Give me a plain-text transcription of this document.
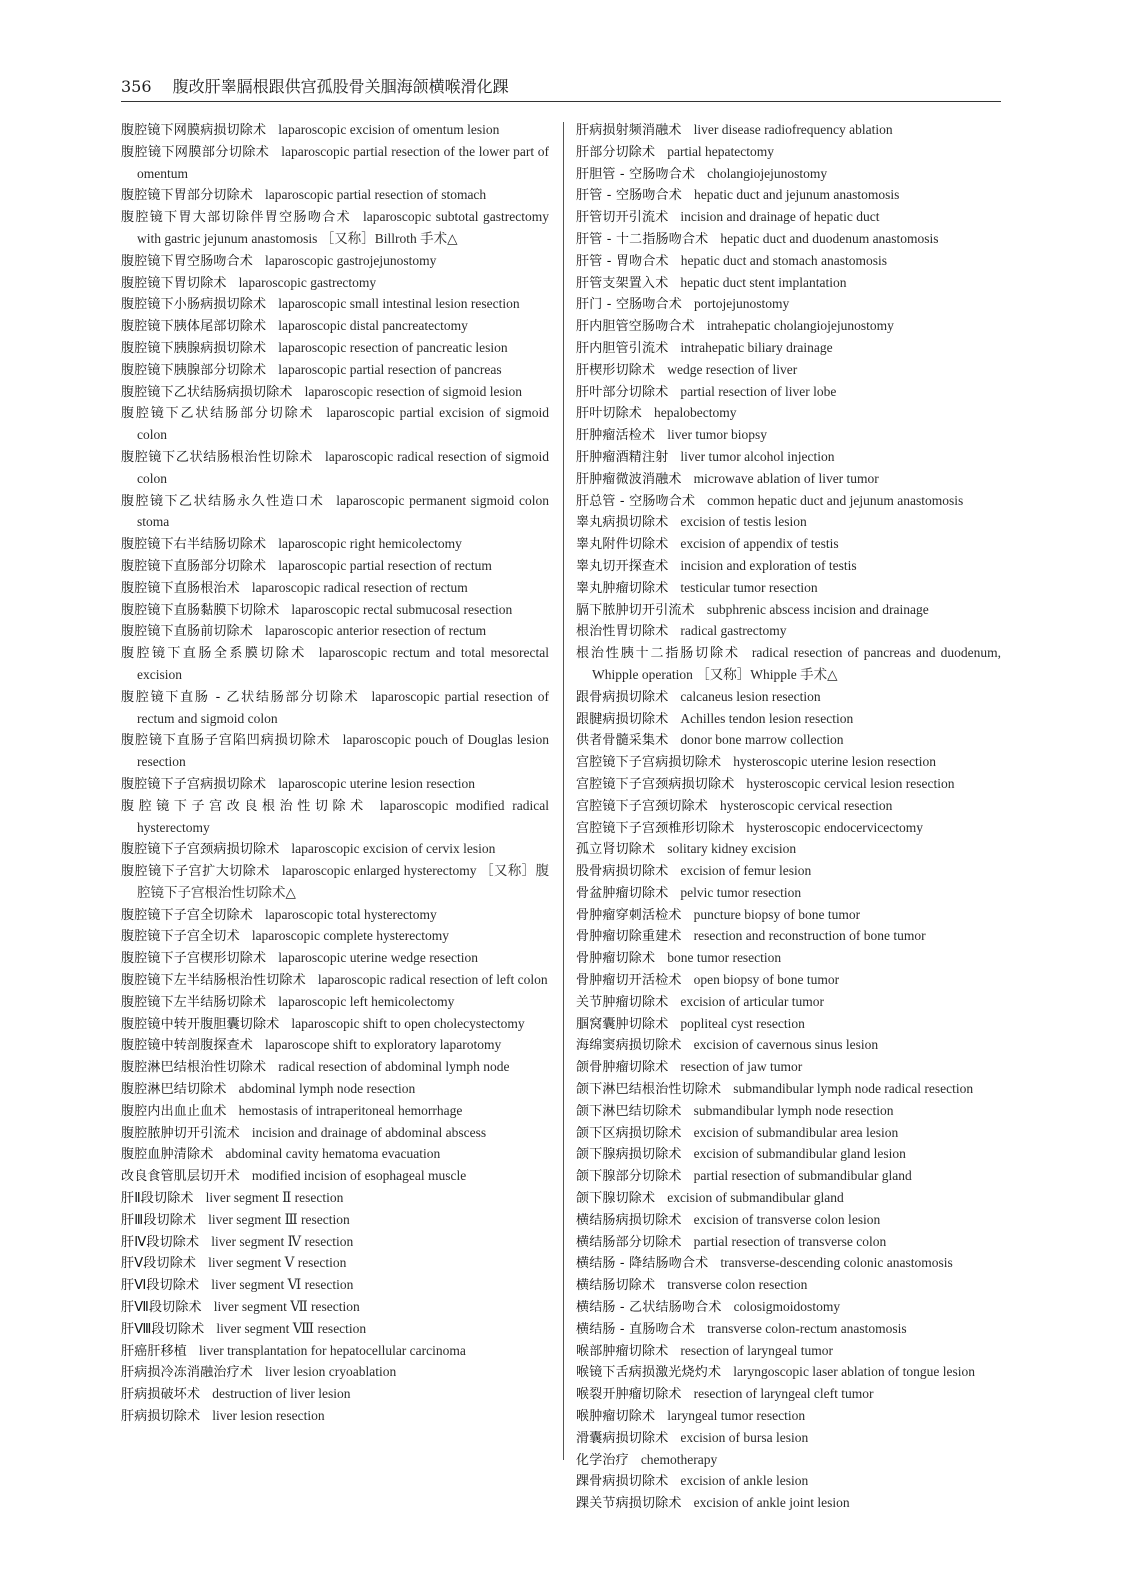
356 腹改肝睾膈根跟供宫孤股骨关腘海颌横喉滑化踝
腹腔镜下网膜病损切除术 laparoscopic excision of omentum lesion
腹腔镜下网膜部分切除术 laparoscopic partial resection of the lower part of omentum
腹腔镜下胃部分切除术 laparoscopic partial resection of stomach
腹腔镜下胃大部切除伴胃空肠吻合术 laparoscopic subtotal gastrectomy with gastric jejunum anastomosis ［又称］Billroth 手术△
腹腔镜下胃空肠吻合术 laparoscopic gastrojejunostomy
腹腔镜下胃切除术 laparoscopic gastrectomy
腹腔镜下小肠病损切除术 laparoscopic small intestinal lesion resection
腹腔镜下胰体尾部切除术 laparoscopic distal pancreatectomy
腹腔镜下胰腺病损切除术 laparoscopic resection of pancreatic lesion
腹腔镜下胰腺部分切除术 laparoscopic partial resection of pancreas
腹腔镜下乙状结肠病损切除术 laparoscopic resection of sigmoid lesion
腹腔镜下乙状结肠部分切除术 laparoscopic partial excision of sigmoid colon
腹腔镜下乙状结肠根治性切除术 laparoscopic radical resection of sigmoid colon
腹腔镜下乙状结肠永久性造口术 laparoscopic permanent sigmoid colon stoma
腹腔镜下右半结肠切除术 laparoscopic right hemicolectomy
腹腔镜下直肠部分切除术 laparoscopic partial resection of rectum
腹腔镜下直肠根治术 laparoscopic radical resection of rectum
腹腔镜下直肠黏膜下切除术 laparoscopic rectal submucosal resection
腹腔镜下直肠前切除术 laparoscopic anterior resection of rectum
腹腔镜下直肠全系膜切除术 laparoscopic rectum and total mesorectal excision
腹腔镜下直肠 - 乙状结肠部分切除术 laparoscopic partial resection of rectum and sigmoid colon
腹腔镜下直肠子宫陷凹病损切除术 laparoscopic pouch of Douglas lesion resection
腹腔镜下子宫病损切除术 laparoscopic uterine lesion resection
腹腔镜下子宫改良根治性切除术 laparoscopic modified radical hysterectomy
腹腔镜下子宫颈病损切除术 laparoscopic excision of cervix lesion
腹腔镜下子宫扩大切除术 laparoscopic enlarged hysterectomy ［又称］腹腔镜下子宫根治性切除术△
腹腔镜下子宫全切除术 laparoscopic total hysterectomy
腹腔镜下子宫全切术 laparoscopic complete hysterectomy
腹腔镜下子宫楔形切除术 laparoscopic uterine wedge resection
腹腔镜下左半结肠根治性切除术 laparoscopic radical resection of left colon
腹腔镜下左半结肠切除术 laparoscopic left hemicolectomy
腹腔镜中转开腹胆囊切除术 laparoscopic shift to open cholecystectomy
腹腔镜中转剖腹探查术 laparoscope shift to exploratory laparotomy
腹腔淋巴结根治性切除术 radical resection of abdominal lymph node
腹腔淋巴结切除术 abdominal lymph node resection
腹腔内出血止血术 hemostasis of intraperitoneal hemorrhage
腹腔脓肿切开引流术 incision and drainage of abdominal abscess
腹腔血肿清除术 abdominal cavity hematoma evacuation
改良食管肌层切开术 modified incision of esophageal muscle
肝Ⅱ段切除术 liver segment Ⅱ resection
肝Ⅲ段切除术 liver segment Ⅲ resection
肝Ⅳ段切除术 liver segment Ⅳ resection
肝Ⅴ段切除术 liver segment Ⅴ resection
肝Ⅵ段切除术 liver segment Ⅵ resection
肝Ⅶ段切除术 liver segment Ⅶ resection
肝Ⅷ段切除术 liver segment Ⅷ resection
肝癌肝移植 liver transplantation for hepatocellular carcinoma
肝病损冷冻消融治疗术 liver lesion cryoablation
肝病损破坏术 destruction of liver lesion
肝病损切除术 liver lesion resection
肝病损射频消融术 liver disease radiofrequency ablation
肝部分切除术 partial hepatectomy
肝胆管 - 空肠吻合术 cholangiojejunostomy
肝管 - 空肠吻合术 hepatic duct and jejunum anastomosis
肝管切开引流术 incision and drainage of hepatic duct
肝管 - 十二指肠吻合术 hepatic duct and duodenum anastomosis
肝管 - 胃吻合术 hepatic duct and stomach anastomosis
肝管支架置入术 hepatic duct stent implantation
肝门 - 空肠吻合术 portojejunostomy
肝内胆管空肠吻合术 intrahepatic cholangiojejunostomy
肝内胆管引流术 intrahepatic biliary drainage
肝楔形切除术 wedge resection of liver
肝叶部分切除术 partial resection of liver lobe
肝叶切除术 hepalobectomy
肝肿瘤活检术 liver tumor biopsy
肝肿瘤酒精注射 liver tumor alcohol injection
肝肿瘤微波消融术 microwave ablation of liver tumor
肝总管 - 空肠吻合术 common hepatic duct and jejunum anastomosis
睾丸病损切除术 excision of testis lesion
睾丸附件切除术 excision of appendix of testis
睾丸切开探查术 incision and exploration of testis
睾丸肿瘤切除术 testicular tumor resection
膈下脓肿切开引流术 subphrenic abscess incision and drainage
根治性胃切除术 radical gastrectomy
根治性胰十二指肠切除术 radical resection of pancreas and duodenum, Whipple operation ［又称］Whipple 手术△
跟骨病损切除术 calcaneus lesion resection
跟腱病损切除术 Achilles tendon lesion resection
供者骨髓采集术 donor bone marrow collection
宫腔镜下子宫病损切除术 hysteroscopic uterine lesion resection
宫腔镜下子宫颈病损切除术 hysteroscopic cervical lesion resection
宫腔镜下子宫颈切除术 hysteroscopic cervical resection
宫腔镜下子宫颈椎形切除术 hysteroscopic endocervicectomy
孤立肾切除术 solitary kidney excision
股骨病损切除术 excision of femur lesion
骨盆肿瘤切除术 pelvic tumor resection
骨肿瘤穿刺活检术 puncture biopsy of bone tumor
骨肿瘤切除重建术 resection and reconstruction of bone tumor
骨肿瘤切除术 bone tumor resection
骨肿瘤切开活检术 open biopsy of bone tumor
关节肿瘤切除术 excision of articular tumor
腘窝囊肿切除术 popliteal cyst resection
海绵窦病损切除术 excision of cavernous sinus lesion
颌骨肿瘤切除术 resection of jaw tumor
颌下淋巴结根治性切除术 submandibular lymph node radical resection
颌下淋巴结切除术 submandibular lymph node resection
颌下区病损切除术 excision of submandibular area lesion
颌下腺病损切除术 excision of submandibular gland lesion
颌下腺部分切除术 partial resection of submandibular gland
颌下腺切除术 excision of submandibular gland
横结肠病损切除术 excision of transverse colon lesion
横结肠部分切除术 partial resection of transverse colon
横结肠 - 降结肠吻合术 transverse-descending colonic anastomosis
横结肠切除术 transverse colon resection
横结肠 - 乙状结肠吻合术 colosigmoidostomy
横结肠 - 直肠吻合术 transverse colon-rectum anastomosis
喉部肿瘤切除术 resection of laryngeal tumor
喉镜下舌病损激光烧灼术 laryngoscopic laser ablation of tongue lesion
喉裂开肿瘤切除术 resection of laryngeal cleft tumor
喉肿瘤切除术 laryngeal tumor resection
滑囊病损切除术 excision of bursa lesion
化学治疗 chemotherapy
踝骨病损切除术 excision of ankle lesion
踝关节病损切除术 excision of ankle joint lesion
